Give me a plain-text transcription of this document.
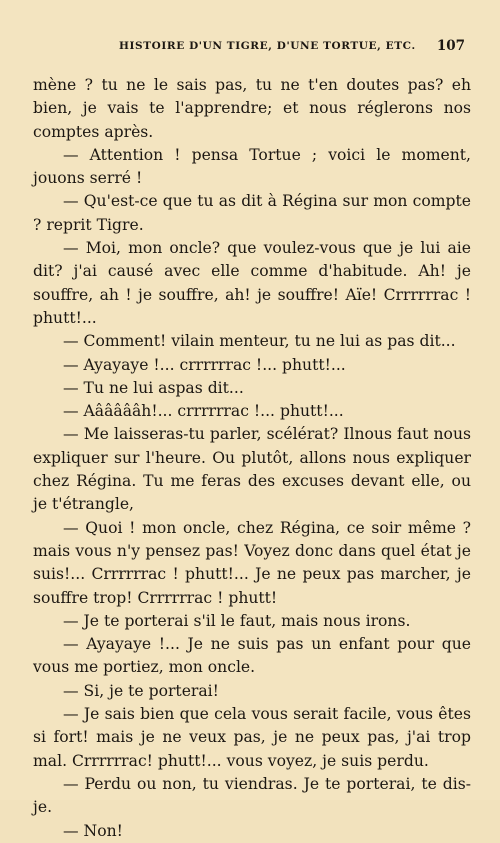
HISTOIRE D'UN TIGRE, D'UNE TORTUE, ETC. 107

mène ? tu ne le sais pas, tu ne t'en doutes pas? eh bien, je vais te l'apprendre; et nous réglerons nos comptes après.

— Attention ! pensa Tortue ; voici le moment, jouons serré !

— Qu'est-ce que tu as dit à Régina sur mon compte ? reprit Tigre.

— Moi, mon oncle? que voulez-vous que je lui aie dit? j'ai causé avec elle comme d'habitude. Ah! je souffre, ah ! je souffre, ah! je souffre! Aïe! Crrrrrrac ! phutt!...

— Comment! vilain menteur, tu ne lui as pas dit...

— Ayayaye !... crrrrrrac !... phutt!...

— Tu ne lui aspas dit...

— Aâââââh!... crrrrrrac !... phutt!...

— Me laisseras-tu parler, scélérat? Ilnous faut nous expliquer sur l'heure. Ou plutôt, allons nous expliquer chez Régina. Tu me feras des excuses devant elle, ou je t'étrangle,

— Quoi ! mon oncle, chez Régina, ce soir même ? mais vous n'y pensez pas! Voyez donc dans quel état je suis!... Crrrrrrac ! phutt!... Je ne peux pas marcher, je souffre trop! Crrrrrrac ! phutt!

— Je te porterai s'il le faut, mais nous irons.

— Ayayaye !... Je ne suis pas un enfant pour que vous me portiez, mon oncle.

— Si, je te porterai!

— Je sais bien que cela vous serait facile, vous êtes si fort! mais je ne veux pas, je ne peux pas, j'ai trop mal. Crrrrrrac! phutt!... vous voyez, je suis perdu.

— Perdu ou non, tu viendras. Je te porterai, te dis-je.

— Non!
